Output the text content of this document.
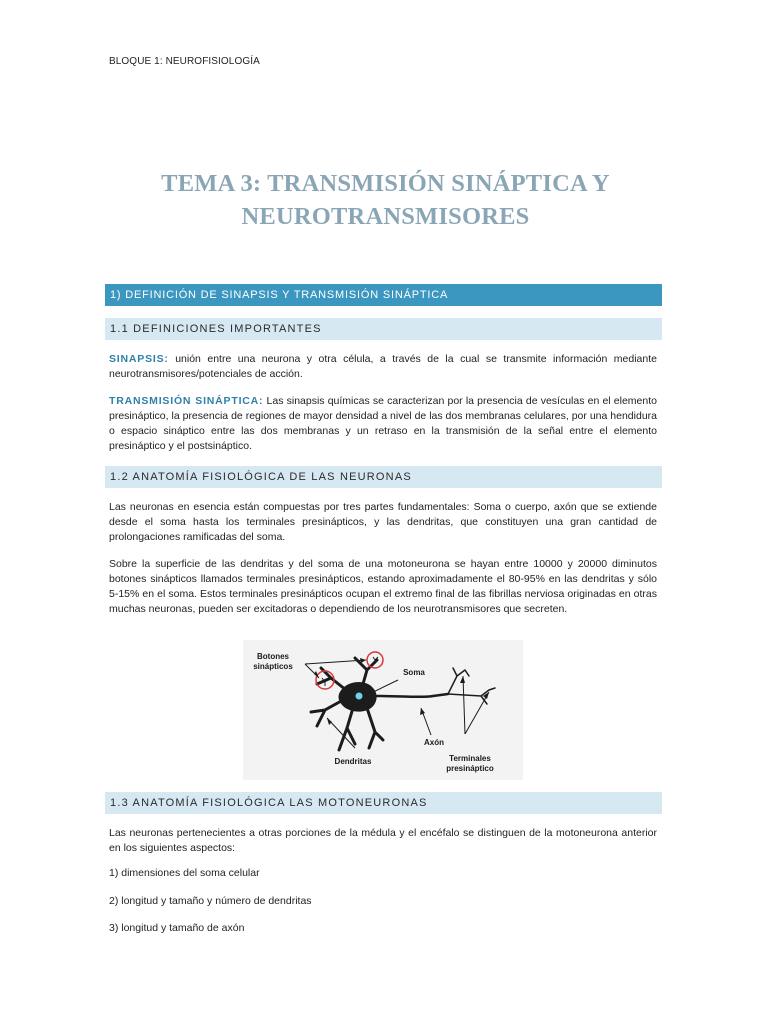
BLOQUE 1: NEUROFISIOLOGÍA
TEMA 3: TRANSMISIÓN SINÁPTICA Y
NEUROTRANSMISORES
1) DEFINICIÓN DE SINAPSIS Y TRANSMISIÓN SINÁPTICA
1.1 DEFINICIONES IMPORTANTES
SINAPSIS: unión entre una neurona y otra célula, a través de la cual se transmite información mediante neurotransmisores/potenciales de acción.
TRANSMISIÓN SINÁPTICA: Las sinapsis químicas se caracterizan por la presencia de vesículas en el elemento presináptico, la presencia de regiones de mayor densidad a nivel de las dos membranas celulares, por una hendidura o espacio sináptico entre las dos membranas y un retraso en la transmisión de la señal entre el elemento presináptico y el postsináptico.
1.2 ANATOMÍA FISIOLÓGICA DE LAS NEURONAS
Las neuronas en esencia están compuestas por tres partes fundamentales: Soma o cuerpo, axón que se extiende desde el soma hasta los terminales presinápticos, y las dendritas, que constituyen una gran cantidad de prolongaciones ramificadas del soma.
Sobre la superficie de las dendritas y del soma de una motoneurona se hayan entre 10000 y 20000 diminutos botones sinápticos llamados terminales presinápticos, estando aproximadamente el 80-95% en las dendritas y sólo 5-15% en el soma. Estos terminales presinápticos ocupan el extremo final de las fibrillas nerviosa originadas en otras muchas neuronas, pueden ser excitadoras o dependiendo de los neurotransmisores que secreten.
Botones
sinápticos
Soma
Axón
Dendritas	Terminales
presináptico
1.3 ANATOMÍA FISIOLÓGICA LAS MOTONEURONAS
Las neuronas pertenecientes a otras porciones de la médula y el encéfalo se distinguen de la motoneurona anterior en los siguientes aspectos:
1) dimensiones del soma celular
2) longitud y tamaño y número de dendritas
3) longitud y tamaño de axón
